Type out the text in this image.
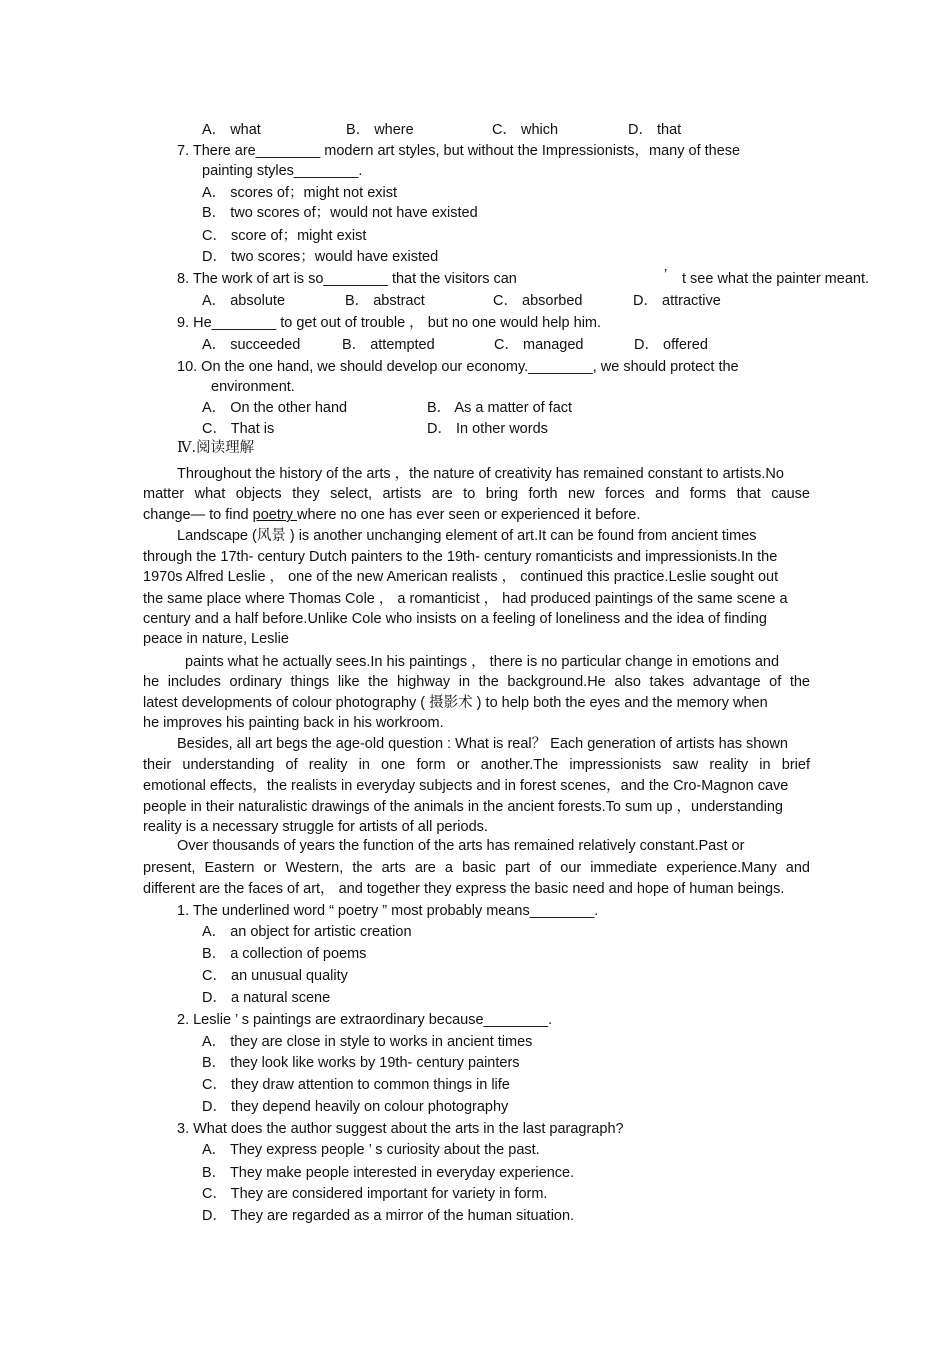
A． what	B． where	C． which	D． that
7. There are________ modern art styles, but without the Impressionists，many of these
painting styles________.
A． scores of；might not exist
B． two scores of；would not have existed
C． score of；might exist
D． two scores；would have existed
8. The work of art is so________ that the visitors can	’ t see what the painter meant.
A． absolute	B． abstract	C． absorbed	D． attractive
9. He________ to get out of trouble ， but no one would help him.
A． succeeded	B． attempted	C． managed	D． offered
10. On the one hand, we should develop our economy.________, we should protect the
environment.
A． On the other hand	B． As a matter of fact
C． That is	D． In other words
Ⅳ.阅读理解
Throughout the history of the arts ，the nature of creativity has remained constant to artists.No
matter what objects they select, artists are to bring forth new forces and forms that cause
change— to find poetry where no one has ever seen or experienced it before.
Landscape (风景 ) is another unchanging element of art.It can be found from ancient times
through the 17th- century Dutch painters to the 19th- century romanticists and impressionists.In the
1970s Alfred Leslie ， one of the new American realists ， continued this practice.Leslie sought out
the same place where Thomas Cole ， a romanticist ， had produced paintings of the same scene a
century and a half before.Unlike Cole who insists on a feeling of loneliness and the idea of finding
peace in nature, Leslie
paints what he actually sees.In his paintings ， there is no particular change in emotions and
he includes ordinary things like the highway in the background.He also takes advantage of the
latest developments of colour photography ( 摄影术 ) to help both the eyes and the memory when
he improves his painting back in his workroom.
Besides, all art begs the age-old question : What is real？ Each generation of artists has shown
their understanding of reality in one form or another.The impressionists saw reality in brief
emotional effects，the realists in everyday subjects and in forest scenes，and the Cro-Magnon cave
people in their naturalistic drawings of the animals in the ancient forests.To sum up ，understanding
reality is a necessary struggle for artists of all periods.
Over thousands of years the function of the arts has remained relatively constant.Past or
present, Eastern or Western, the arts are a basic part of our immediate experience.Many and
different are the faces of art， and together they express the basic need and hope of human beings.
1. The underlined word “ poetry ” most probably means________.
A． an object for artistic creation
B． a collection of poems
C． an unusual quality
D． a natural scene
2. Leslie ’ s paintings are extraordinary because________.
A． they are close in style to works in ancient times
B． they look like works by 19th- century painters
C． they draw attention to common things in life
D． they depend heavily on colour photography
3. What does the author suggest about the arts in the last paragraph?
A． They express people ’ s curiosity about the past.
B． They make people interested in everyday experience.
C． They are considered important for variety in form.
D． They are regarded as a mirror of the human situation.
